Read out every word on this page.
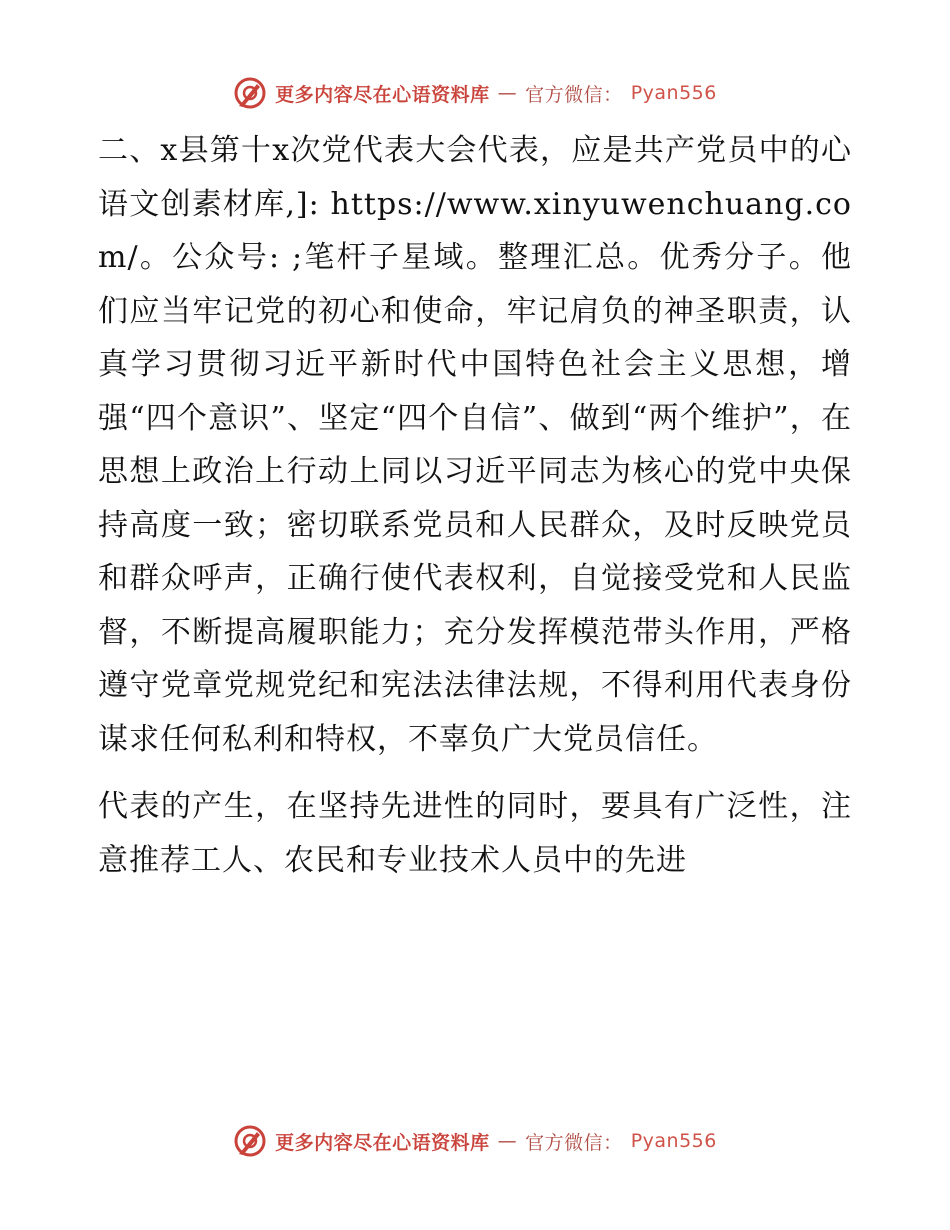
更多内容尽在心语资料库 — 官方微信： Pyan556

二、x县第十x次党代表大会代表，应是共产党员中的心语文创素材库,]: https://www.xinyuwenchuang.com/。公众号: ;笔杆子星域。整理汇总。优秀分子。他们应当牢记党的初心和使命，牢记肩负的神圣职责，认真学习贯彻习近平新时代中国特色社会主义思想，增强“四个意识”、坚定“四个自信”、做到“两个维护”，在思想上政治上行动上同以习近平同志为核心的党中央保持高度一致；密切联系党员和人民群众，及时反映党员和群众呼声，正确行使代表权利，自觉接受党和人民监督，不断提高履职能力；充分发挥模范带头作用，严格遵守党章党规党纪和宪法法律法规，不得利用代表身份谋求任何私利和特权，不辜负广大党员信任。

代表的产生，在坚持先进性的同时，要具有广泛性，注意推荐工人、农民和专业技术人员中的先进

更多内容尽在心语资料库 — 官方微信： Pyan556
